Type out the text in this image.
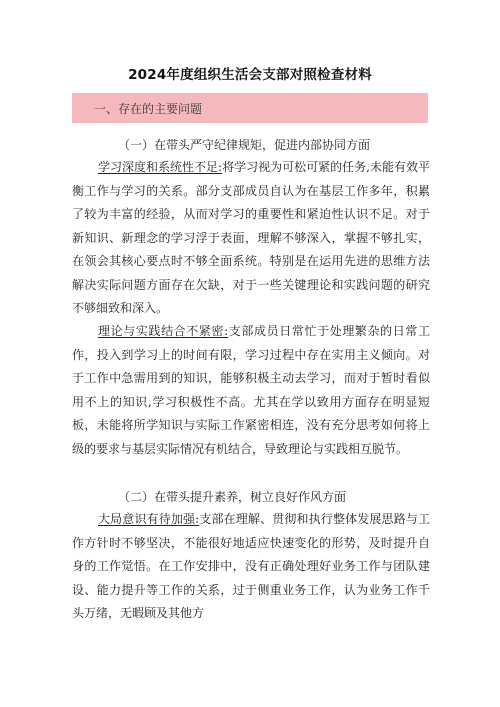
2024年度组织生活会支部对照检查材料
一、存在的主要问题
（一）在带头严守纪律规矩，促进内部协同方面

学习深度和系统性不足:将学习视为可松可紧的任务,未能有效平衡工作与学习的关系。部分支部成员自认为在基层工作多年，积累了较为丰富的经验，从而对学习的重要性和紧迫性认识不足。对于新知识、新理念的学习浮于表面，理解不够深入，掌握不够扎实，在领会其核心要点时不够全面系统。特别是在运用先进的思维方法解决实际问题方面存在欠缺，对于一些关键理论和实践问题的研究不够细致和深入。

理论与实践结合不紧密:支部成员日常忙于处理繁杂的日常工作，投入到学习上的时间有限，学习过程中存在实用主义倾向。对于工作中急需用到的知识，能够积极主动去学习，而对于暂时看似用不上的知识,学习积极性不高。尤其在学以致用方面存在明显短板，未能将所学知识与实际工作紧密相连，没有充分思考如何将上级的要求与基层实际情况有机结合，导致理论与实践相互脱节。

（二）在带头提升素养，树立良好作风方面

大局意识有待加强:支部在理解、贯彻和执行整体发展思路与工作方针时不够坚决，不能很好地适应快速变化的形势，及时提升自身的工作觉悟。在工作安排中，没有正确处理好业务工作与团队建设、能力提升等工作的关系，过于侧重业务工作，认为业务工作千头万绪，无暇顾及其他方
